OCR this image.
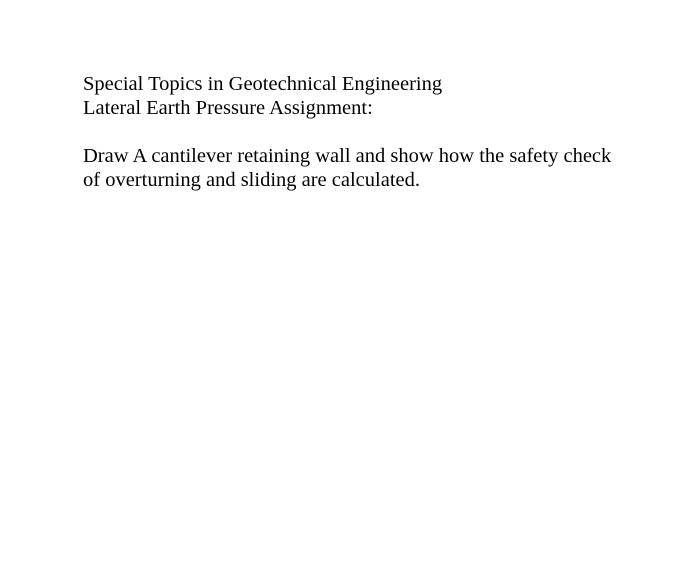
Special Topics in Geotechnical Engineering
Lateral Earth Pressure Assignment:
Draw A cantilever retaining wall and show how the safety check
of overturning and sliding are calculated.
